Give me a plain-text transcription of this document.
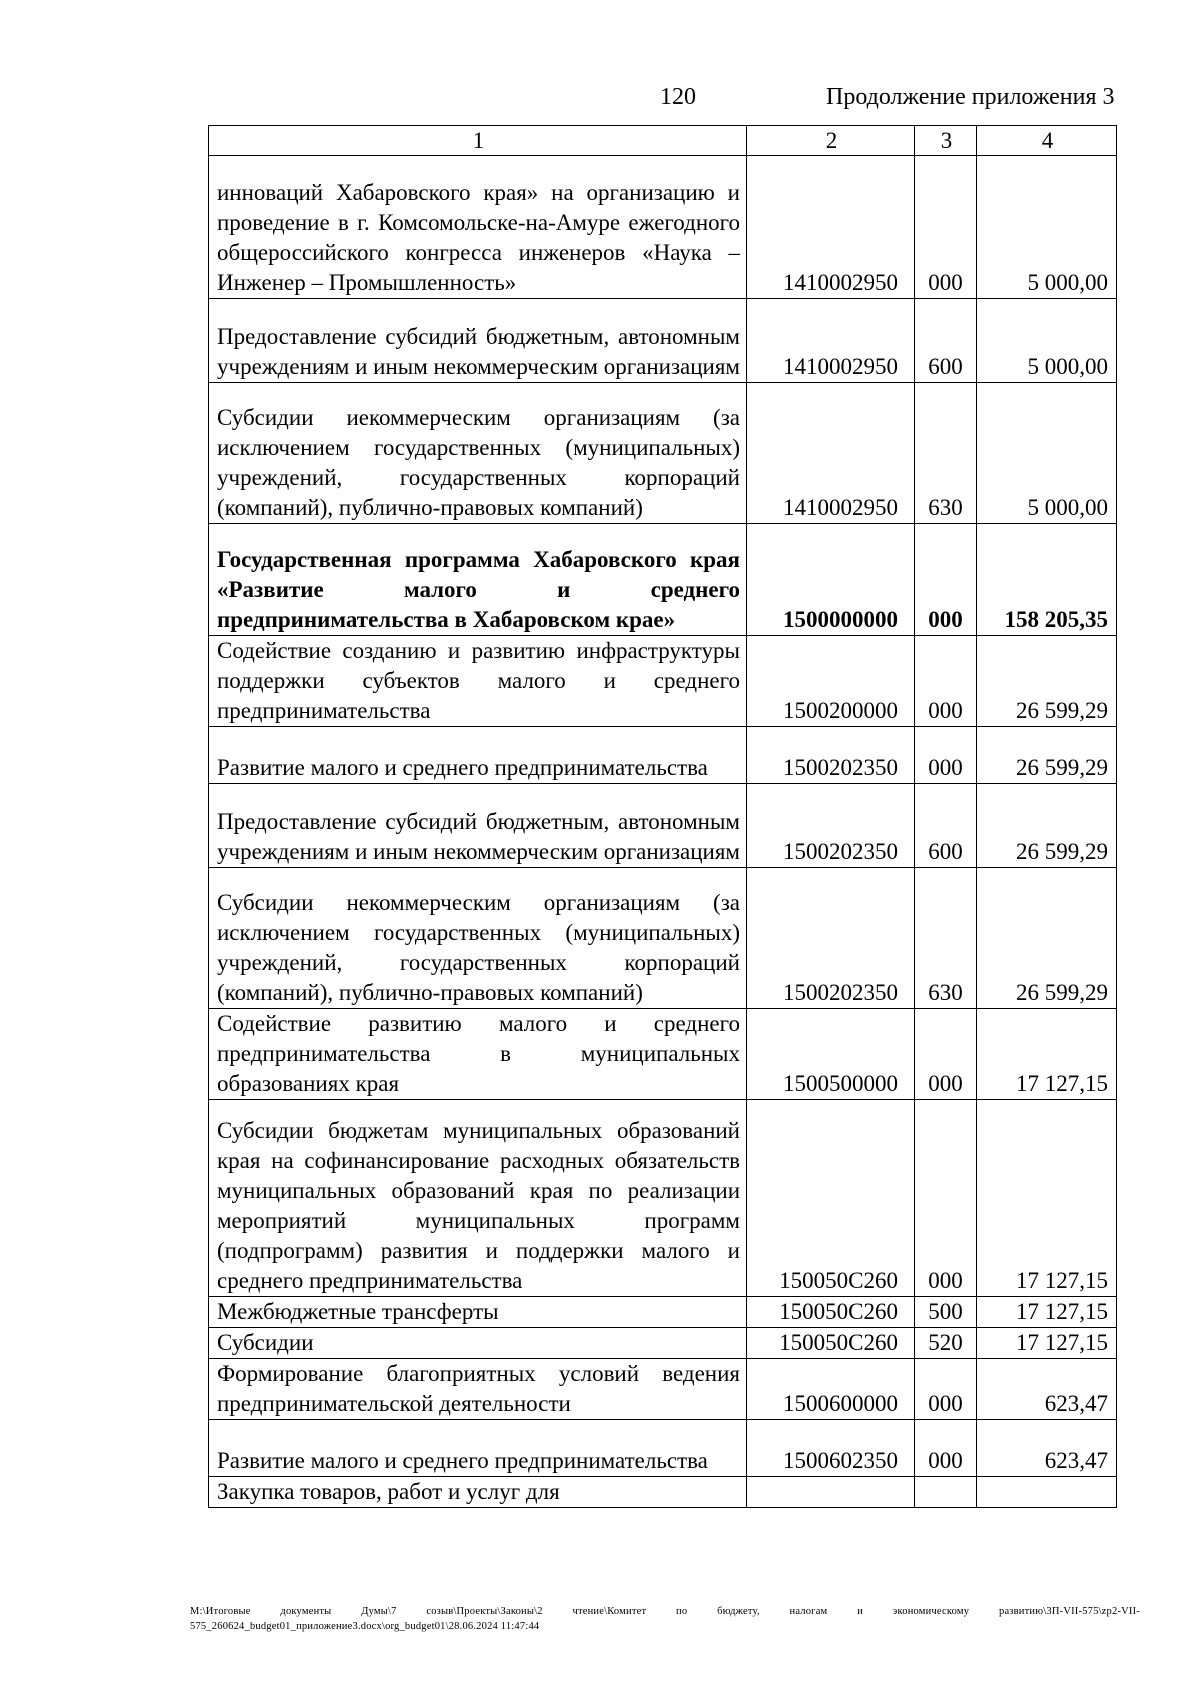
120	Продолжение приложения 3
1	2	3	4
инноваций Хабаровского края» на организацию и проведение в г. Комсомольске-на-Амуре ежегодного общероссийского конгресса инженеров «Наука – Инженер – Промышленность»	1410002950	000	5 000,00
Предоставление субсидий бюджетным, автономным учреждениям и иным некоммерческим организациям	1410002950	600	5 000,00
Субсидии иекоммерческим организациям (за исключением государственных (муниципальных) учреждений, государственных корпораций (компаний), публично-правовых компаний)	1410002950	630	5 000,00
Государственная программа Хабаровского края «Развитие малого и среднего предпринимательства в Хабаровском крае»	1500000000	000	158 205,35
Содействие созданию и развитию инфраструктуры поддержки субъектов малого и среднего предпринимательства	1500200000	000	26 599,29
Развитие малого и среднего предпринимательства	1500202350	000	26 599,29
Предоставление субсидий бюджетным, автономным учреждениям и иным некоммерческим организациям	1500202350	600	26 599,29
Субсидии некоммерческим организациям (за исключением государственных (муниципальных) учреждений, государственных корпораций (компаний), публично-правовых компаний)	1500202350	630	26 599,29
Содействие развитию малого и среднего предпринимательства в муниципальных образованиях края	1500500000	000	17 127,15
Субсидии бюджетам муниципальных образований края на софинансирование расходных обязательств муниципальных образований края по реализации мероприятий муниципальных программ (подпрограмм) развития и поддержки малого и среднего предпринимательства	150050С260	000	17 127,15
Межбюджетные трансферты	150050С260	500	17 127,15
Субсидии	150050С260	520	17 127,15
Формирование благоприятных условий ведения предпринимательской деятельности	1500600000	000	623,47
Развитие малого и среднего предпринимательства	1500602350	000	623,47
Закупка товаров, работ и услуг для			
M:\Итоговые документы Думы\7 созыв\Проекты\Законы\2 чтение\Комитет по бюджету, налогам и экономическому развитию\3П-VII-575\zp2-VII-575_260624_budget01_приложение3.docx\org_budget01\28.06.2024 11:47:44
